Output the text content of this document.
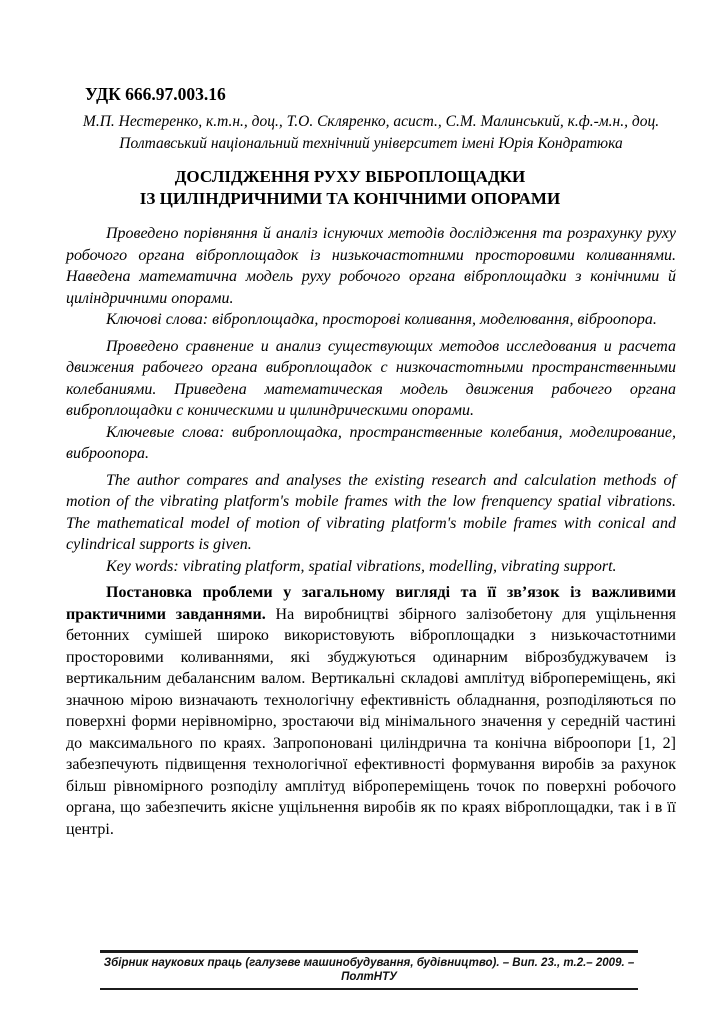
УДК 666.97.003.16
М.П. Нестеренко, к.т.н., доц., Т.О. Скляренко, асист., С.М. Малинський, к.ф.-м.н., доц.
Полтавський національний технічний університет імені Юрія Кондратюка
ДОСЛІДЖЕННЯ РУХУ ВІБРОПЛОЩАДКИ
ІЗ ЦИЛІНДРИЧНИМИ ТА КОНІЧНИМИ ОПОРАМИ

Проведено порівняння й аналіз існуючих методів дослідження та розрахунку руху робочого органа віброплощадок із низькочастотними просторовими коливаннями. Наведена математична модель руху робочого органа віброплощадки з конічними й циліндричними опорами.

Ключові слова: віброплощадка, просторові коливання, моделювання, віброопора.

Проведено сравнение и анализ существующих методов исследования и расчета движения рабочего органа виброплощадок с низкочастотными пространственными колебаниями. Приведена математическая модель движения рабочего органа виброплощадки с коническими и цилиндрическими опорами.

Ключевые слова: виброплощадка, пространственные колебания, моделирование, виброопора.

The author compares and analyses the existing research and calculation methods of motion of the vibrating platform's mobile frames with the low frenquency spatial vibrations. The mathematical model of motion of vibrating platform's mobile frames with conical and cylindrical supports is given.

Key words: vibrating platform, spatial vibrations, modelling, vibrating support.

Постановка проблеми у загальному вигляді та її зв’язок із важливими практичними завданнями. На виробництві збірного залізобетону для ущільнення бетонних сумішей широко використовують віброплощадки з низькочастотними просторовими коливаннями, які збуджуються одинарним віброзбуджувачем із вертикальним дебалансним валом. Вертикальні складові амплітуд вібропереміщень, які значною мірою визначають технологічну ефективність обладнання, розподіляються по поверхні форми нерівномірно, зростаючи від мінімального значення у середній частині до максимального по краях. Запропоновані циліндрична та конічна віброопори [1, 2] забезпечують підвищення технологічної ефективності формування виробів за рахунок більш рівномірного розподілу амплітуд вібропереміщень точок по поверхні робочого органа, що забезпечить якісне ущільнення виробів як по краях віброплощадки, так і в її центрі.

Збірник наукових праць (галузеве машинобудування, будівництво). – Вип. 23., т.2.– 2009. – ПолтНТУ
